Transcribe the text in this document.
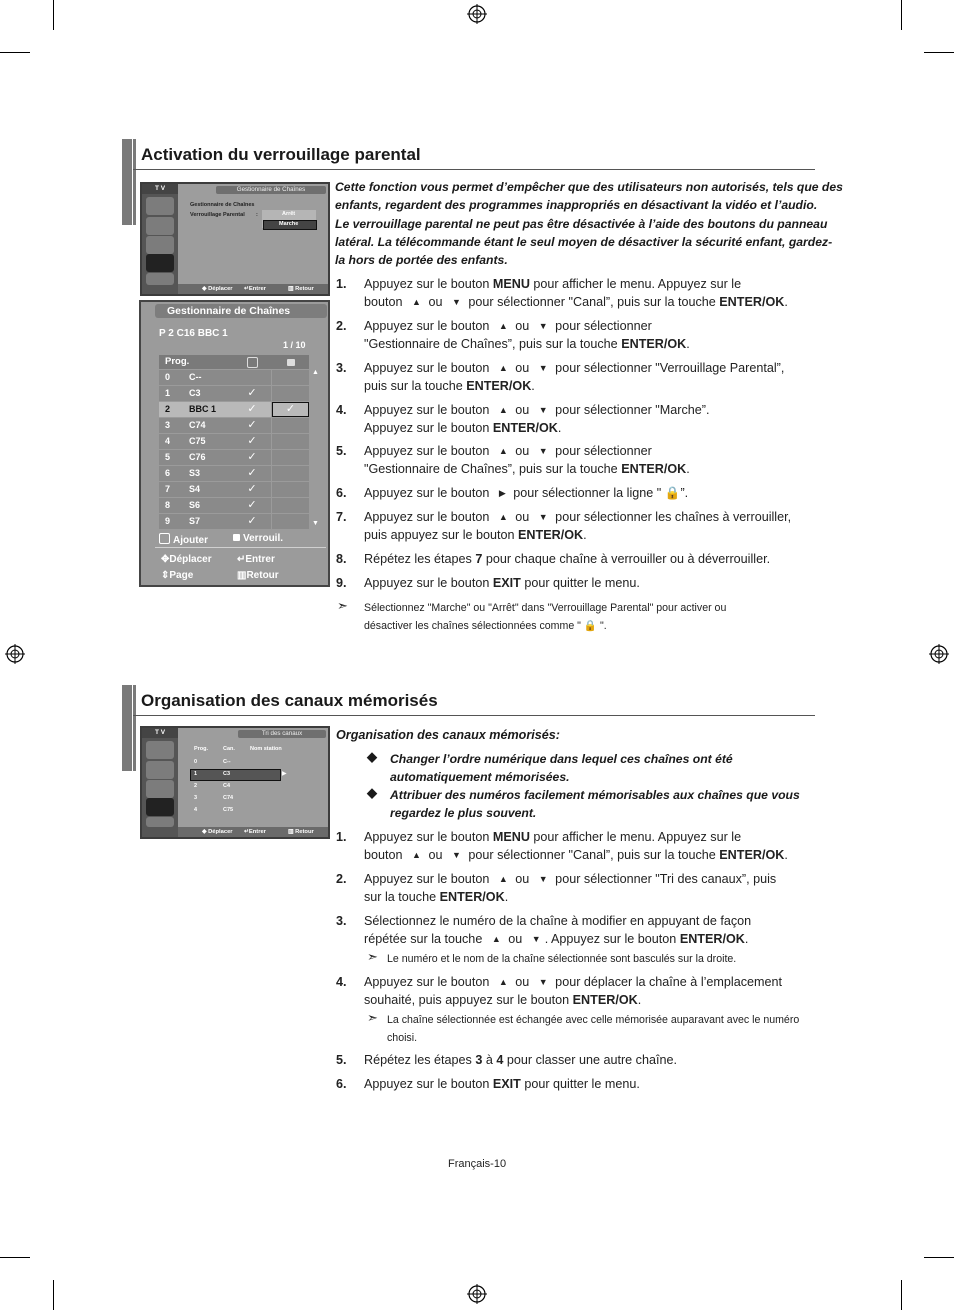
Activation du verrouillage parental
T V	Gestionnaire de Chaînes
Gestionnaire de Chaînes
Verrouillage Parental :	Arrêt
Marche
◆ Déplacer ↵Entrer	▥ Retour
Gestionnaire de Chaînes
P 2 C16 BBC 1
1 / 10
Prog.
0	C--
1	C3	✓
2	BBC 1	✓	✓
3	C74	✓
4	C75	✓
5	C76	✓
6	S3	✓
7	S4	✓
8	S6	✓
9	S7	✓
▲
▼
Ajouter	Verrouil.
✥Déplacer	↵Entrer
⇕Page	▥Retour
Cette fonction vous permet d’empêcher que des utilisateurs non autorisés, tels que des
enfants, regardent des programmes inappropriés en désactivant la vidéo et l’audio.
Le verrouillage parental ne peut pas être désactivée à l’aide des boutons du panneau
latéral. La télécommande étant le seul moyen de désactiver la sécurité enfant, gardez-
la hors de portée des enfants.
1. Appuyez sur le bouton MENU pour afficher le menu. Appuyez sur le
bouton ▲ ou ▼ pour sélectionner "Canal”, puis sur la touche ENTER/OK.
2. Appuyez sur le bouton ▲ ou ▼ pour sélectionner
"Gestionnaire de Chaînes”, puis sur la touche ENTER/OK.
3. Appuyez sur le bouton ▲ ou ▼ pour sélectionner "Verrouillage Parental”,
puis sur la touche ENTER/OK.
4. Appuyez sur le bouton ▲ ou ▼ pour sélectionner "Marche”.
Appuyez sur le bouton ENTER/OK.
5. Appuyez sur le bouton ▲ ou ▼ pour sélectionner
"Gestionnaire de Chaînes”, puis sur la touche ENTER/OK.
6. Appuyez sur le bouton ▶ pour sélectionner la ligne " 🔒”.
7. Appuyez sur le bouton ▲ ou ▼ pour sélectionner les chaînes à verrouiller,
puis appuyez sur le bouton ENTER/OK.
8. Répétez les étapes 7 pour chaque chaîne à verrouiller ou à déverrouiller.
9. Appuyez sur le bouton EXIT pour quitter le menu.
➣ Sélectionnez "Marche" ou "Arrêt" dans "Verrouillage Parental" pour activer ou
désactiver les chaînes sélectionnées comme " 🔒 ".
Organisation des canaux mémorisés
T V	Tri des canaux
Prog.	Can.	Nom station
▶
0	C--
1	C3
2	C4
3	C74
4	C75
◆ Déplacer ↵Entrer	▥ Retour
Organisation des canaux mémorisés:
◆	Changer l’ordre numérique dans lequel ces chaînes ont été
automatiquement mémorisées.
◆	Attribuer des numéros facilement mémorisables aux chaînes que vous
regardez le plus souvent.
1. Appuyez sur le bouton MENU pour afficher le menu. Appuyez sur le
bouton ▲ ou ▼ pour sélectionner "Canal”, puis sur la touche ENTER/OK.
2. Appuyez sur le bouton ▲ ou ▼ pour sélectionner "Tri des canaux”, puis
sur la touche ENTER/OK.
3. Sélectionnez le numéro de la chaîne à modifier en appuyant de façon
répétée sur la touche ▲ ou ▼ . Appuyez sur le bouton ENTER/OK.
4. Appuyez sur le bouton ▲ ou ▼ pour déplacer la chaîne à l’emplacement
souhaité, puis appuyez sur le bouton ENTER/OK.
5. Répétez les étapes 3 à 4 pour classer une autre chaîne.
6. Appuyez sur le bouton EXIT pour quitter le menu.
➣ Le numéro et le nom de la chaîne sélectionnée sont basculés sur la droite.
➣ La chaîne sélectionnée est échangée avec celle mémorisée auparavant avec le numéro
choisi.
Français-10
